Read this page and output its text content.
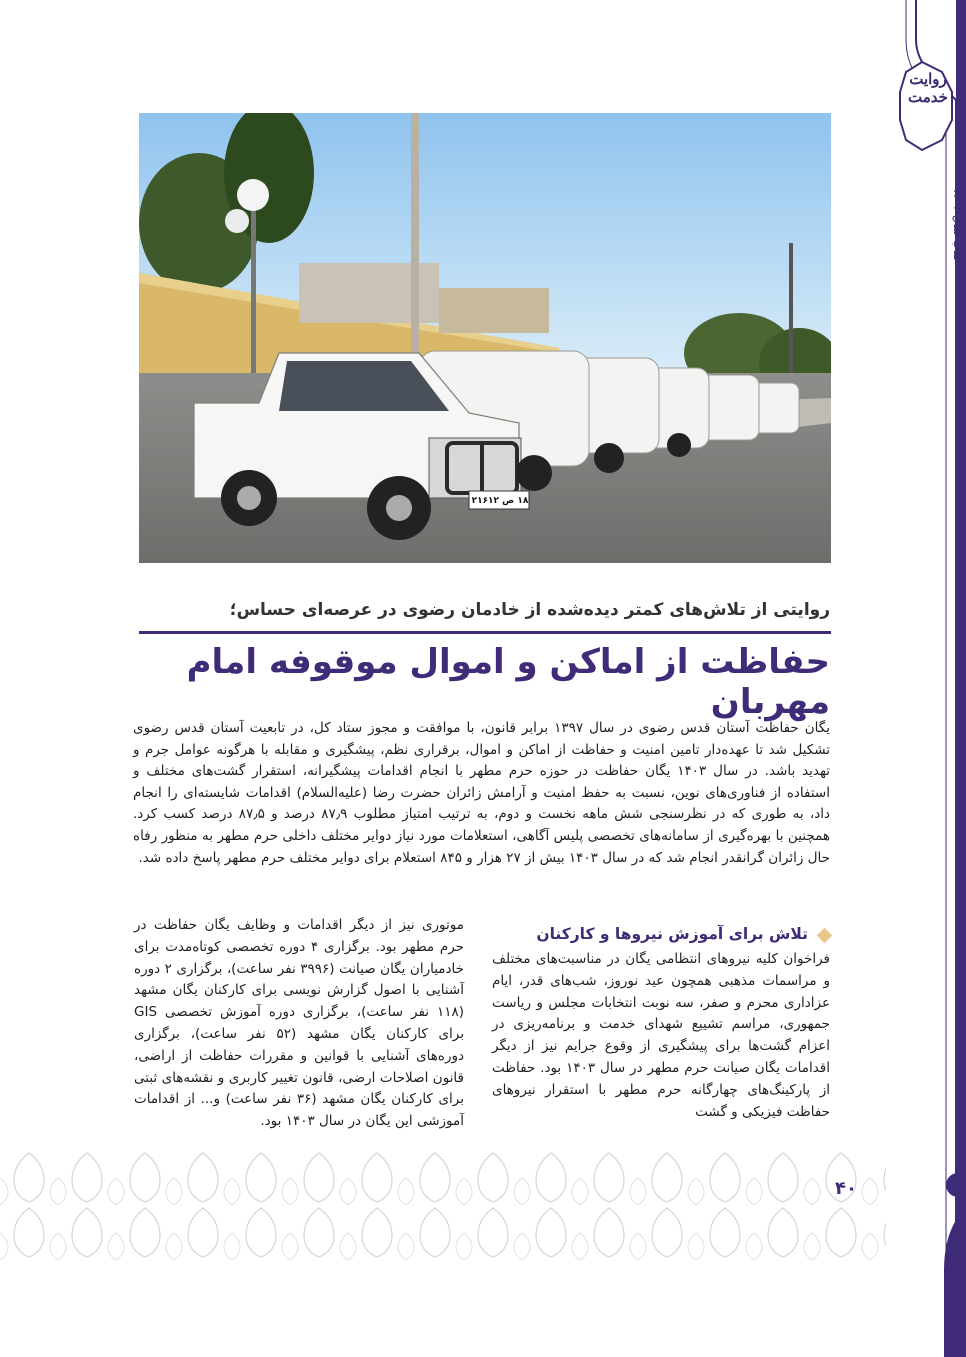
روایت خدمت
کتاب سال ۱۴۰۳
۱۸ ص ۲۱۶۱۲
روایتی از تلاش‌های کمتر دیده‌شده از خادمان رضوی در عرصه‌ای حساس؛
حفاظت از اماکن و اموال موقوفه امام مهربان
یگان حفاظت آستان قدس رضوی در سال ۱۳۹۷ برابر قانون، با موافقت و مجوز ستاد کل، در تابعیت آستان قدس رضوی تشکیل شد تا عهده‌دار تامین امنیت و حفاظت از اماکن و اموال، برقراری نظم، پیشگیری و مقابله با هرگونه عوامل جرم و تهدید باشد. در سال ۱۴۰۳ یگان حفاظت در حوزه حرم مطهر با انجام اقدامات پیشگیرانه، استقرار گشت‌های مختلف و استفاده از فناوری‌های نوین، نسبت به حفظ امنیت و آرامش زائران حضرت رضا (علیه‌السلام) اقدامات شایسته‌ای را انجام داد، به طوری که در نظرسنجی شش ماهه نخست و دوم، به ترتیب امتیاز مطلوب ۸۷٫۹ درصد و ۸۷٫۵ درصد کسب کرد. همچنین با بهره‌گیری از سامانه‌های تخصصی پلیس آگاهی، استعلامات مورد نیاز دوایر مختلف داخلی حرم مطهر به منظور رفاه حال زائران گرانقدر انجام شد که در سال ۱۴۰۳ بیش از ۲۷ هزار و ۸۴۵ استعلام برای دوایر مختلف حرم مطهر پاسخ داده شد.
تلاش برای آموزش نیروها و کارکنان
فراخوان کلیه نیروهای انتظامی یگان در مناسبت‌های مختلف و مراسمات مذهبی همچون عید نوروز، شب‌های قدر، ایام عزاداری محرم و صفر، سه نوبت انتخابات مجلس و ریاست جمهوری، مراسم تشییع شهدای خدمت و برنامه‌ریزی در اعزام گشت‌ها برای پیشگیری از وقوع جرایم نیز از دیگر اقدامات یگان صیانت حرم مطهر در سال ۱۴۰۳ بود. حفاظت از پارکینگ‌های چهارگانه حرم مطهر با استقرار نیروهای حفاظت فیزیکی و گشت
موتوری نیز از دیگر اقدامات و وظایف یگان حفاظت در حرم مطهر بود. برگزاری ۴ دوره تخصصی کوتاه‌مدت برای خادمیاران یگان صیانت (۳۹۹۶ نفر ساعت)، برگزاری ۲ دوره آشنایی با اصول گزارش نویسی برای کارکنان یگان مشهد (۱۱۸ نفر ساعت)، برگزاری دوره آموزش تخصصی GIS برای کارکنان یگان مشهد (۵۲ نفر ساعت)، برگزاری دوره‌های آشنایی با قوانین و مقررات حفاظت از اراضی، قانون اصلاحات ارضی، قانون تغییر کاربری و نقشه‌های ثبتی برای کارکنان یگان مشهد (۳۶ نفر ساعت) و... از اقدامات آموزشی این یگان در سال ۱۴۰۳ بود.
۴۰
